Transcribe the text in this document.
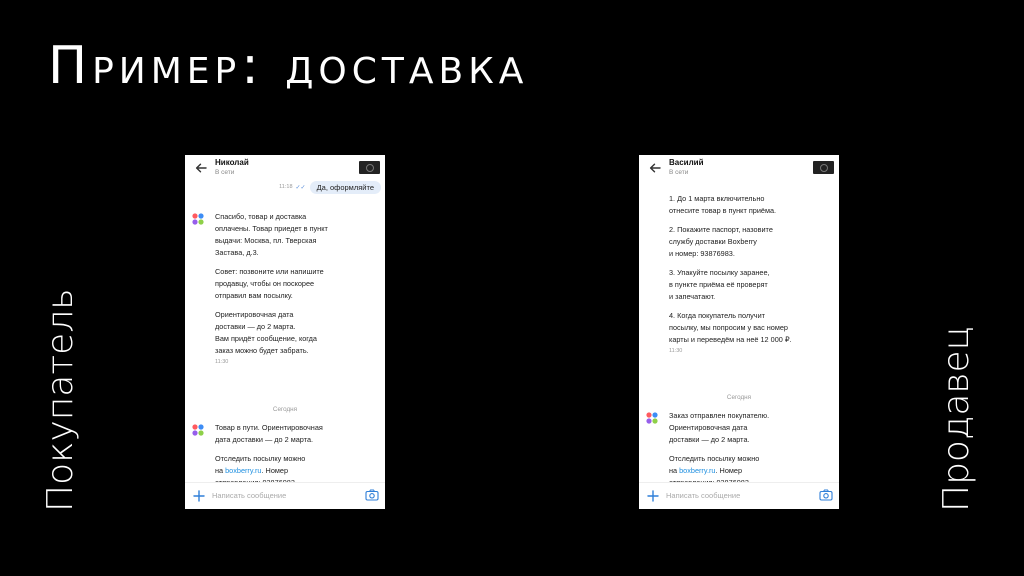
Пример: доставка
Покупатель	Продавец
Николай
В сети
11:18 ✓✓	Да, оформляйте

Спасибо, товар и доставка
оплачены. Товар приедет в пункт
выдачи: Москва, пл. Тверская
Застава, д.3.

Совет: позвоните или напишите
продавцу, чтобы он поскорее
отправил вам посылку.

Ориентировочная дата
доставки — до 2 марта.
Вам придёт сообщение, когда
заказ можно будет забрать.

11:30
Сегодня

Товар в пути. Ориентировочная
дата доставки — до 2 марта.

Отследить посылку можно
на boxberry.ru. Номер

Написать сообщение
Василий
В сети

1. До 1 марта включительно
отнесите товар в пункт приёма.

2. Покажите паспорт, назовите
службу доставки Boxberry
и номер: 93876983.

3. Упакуйте посылку заранее,
в пункте приёма её проверят
и запечатают.

4. Когда покупатель получит
посылку, мы попросим у вас номер
карты и переведём на неё 12 000 ₽.

11:30
Сегодня

Заказ отправлен покупателю.
Ориентировочная дата
доставки — до 2 марта.

Отследить посылку можно
на boxberry.ru. Номер

Написать сообщение
